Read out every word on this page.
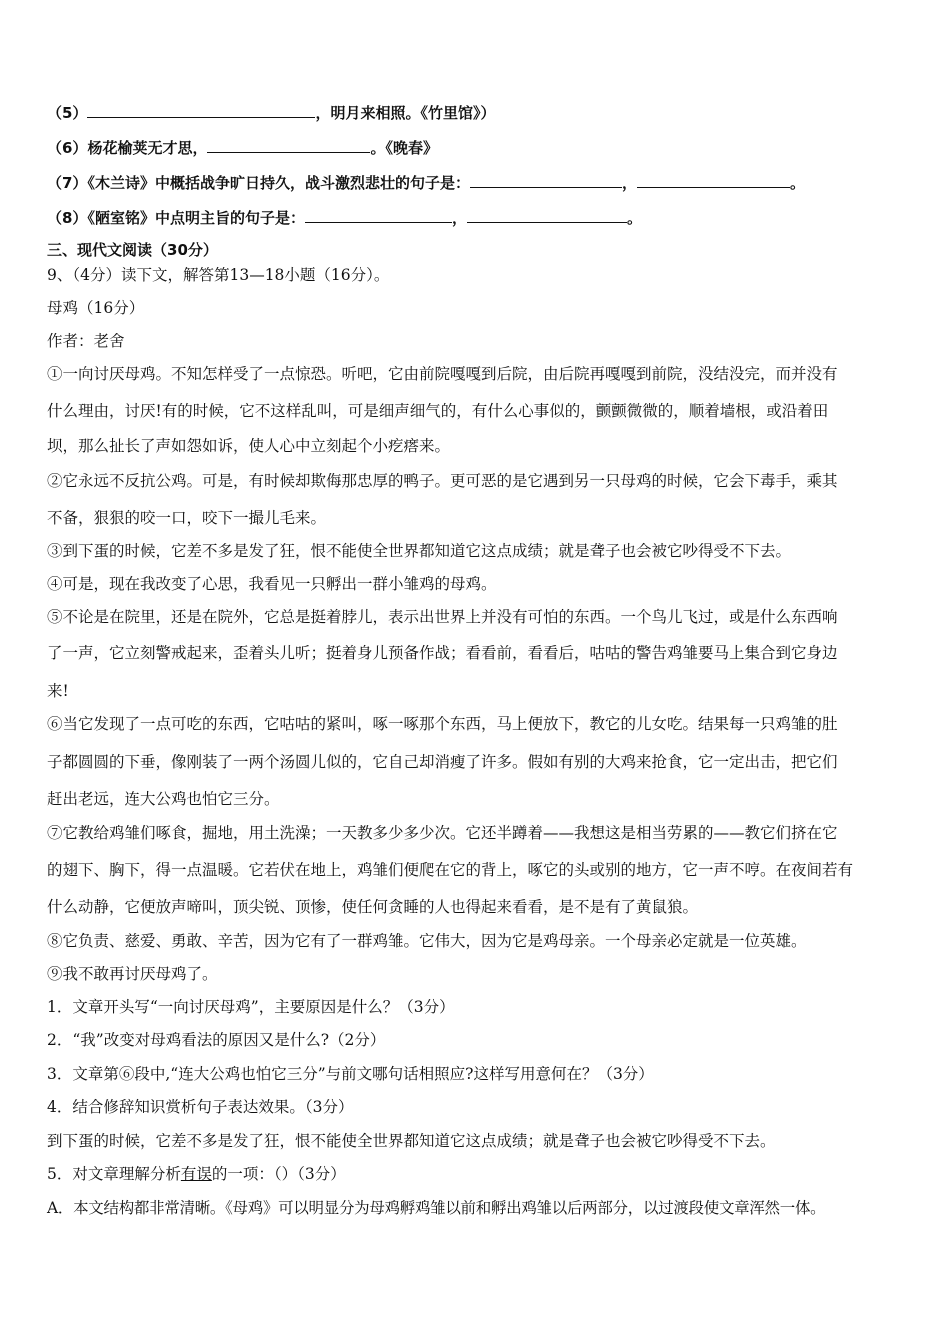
（5）	，明月来相照。《竹里馆》）
（6）杨花榆荚无才思，	。《晚春》
（7）《木兰诗》中概括战争旷日持久，战斗激烈悲壮的句子是：	，	。
（8）《陋室铭》中点明主旨的句子是：	，	。
三、现代文阅读（30分）
9、（4分）读下文，解答第13—18小题（16分）。
母鸡（16分）
作者：老舍
①一向讨厌母鸡。不知怎样受了一点惊恐。听吧，它由前院嘎嘎到后院，由后院再嘎嘎到前院，没结没完，而并没有
什么理由，讨厌!有的时候，它不这样乱叫，可是细声细气的，有什么心事似的，颤颤微微的，顺着墙根，或沿着田
坝，那么扯长了声如怨如诉，使人心中立刻起个小疙瘩来。
②它永远不反抗公鸡。可是，有时候却欺侮那忠厚的鸭子。更可恶的是它遇到另一只母鸡的时候，它会下毒手，乘其
不备，狠狠的咬一口，咬下一撮儿毛来。
③到下蛋的时候，它差不多是发了狂，恨不能使全世界都知道它这点成绩；就是聋子也会被它吵得受不下去。
④可是，现在我改变了心思，我看见一只孵出一群小雏鸡的母鸡。
⑤不论是在院里，还是在院外，它总是挺着脖儿，表示出世界上并没有可怕的东西。一个鸟儿飞过，或是什么东西响
了一声，它立刻警戒起来，歪着头儿听；挺着身儿预备作战；看看前，看看后，咕咕的警告鸡雏要马上集合到它身边
来!
⑥当它发现了一点可吃的东西，它咕咕的紧叫，啄一啄那个东西，马上便放下，教它的儿女吃。结果每一只鸡雏的肚
子都圆圆的下垂，像刚装了一两个汤圆儿似的，它自己却消瘦了许多。假如有别的大鸡来抢食，它一定出击，把它们
赶出老远，连大公鸡也怕它三分。
⑦它教给鸡雏们啄食，掘地，用土洗澡；一天教多少多少次。它还半蹲着——我想这是相当劳累的——教它们挤在它
的翅下、胸下，得一点温暖。它若伏在地上，鸡雏们便爬在它的背上，啄它的头或别的地方，它一声不哼。在夜间若有
什么动静，它便放声啼叫，顶尖锐、顶惨，使任何贪睡的人也得起来看看，是不是有了黄鼠狼。
⑧它负责、慈爱、勇敢、辛苦，因为它有了一群鸡雏。它伟大，因为它是鸡母亲。一个母亲必定就是一位英雄。
⑨我不敢再讨厌母鸡了。
1．文章开头写“一向讨厌母鸡”，主要原因是什么？（3分）
2．“我”改变对母鸡看法的原因又是什么?（2分）
3．文章第⑥段中,“连大公鸡也怕它三分”与前文哪句话相照应?这样写用意何在？（3分）
4．结合修辞知识赏析句子表达效果。（3分）
到下蛋的时候，它差不多是发了狂，恨不能使全世界都知道它这点成绩；就是聋子也会被它吵得受不下去。
5．对文章理解分析有误的一项：（）（3分）
A．本文结构都非常清晰。《母鸡》可以明显分为母鸡孵鸡雏以前和孵出鸡雏以后两部分，以过渡段使文章浑然一体。
